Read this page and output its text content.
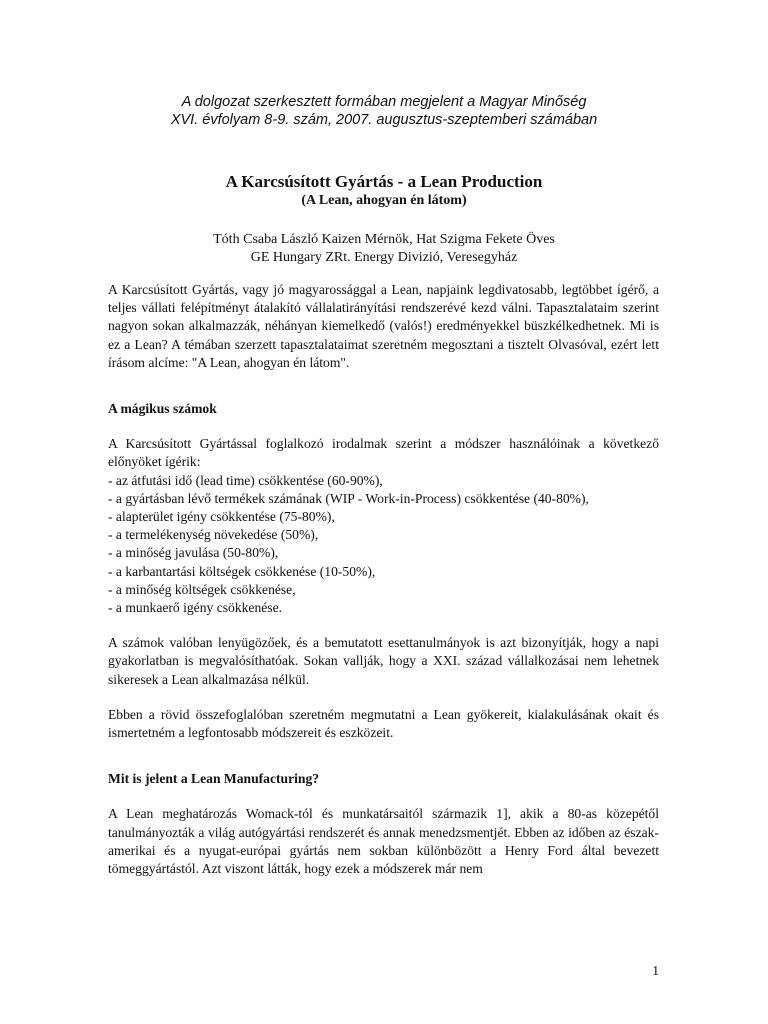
A dolgozat szerkesztett formában megjelent a Magyar Minőség
XVI. évfolyam 8-9. szám, 2007. augusztus-szeptemberi számában
A Karcsúsított Gyártás - a Lean Production
(A Lean, ahogyan én látom)
Tóth Csaba László Kaizen Mérnök, Hat Szigma Fekete Öves
GE Hungary ZRt. Energy Divizió, Veresegyház

A Karcsúsított Gyártás, vagy jó magyarossággal a Lean, napjaink legdivatosabb, legtöbbet ígérő, a teljes vállati felépítményt átalakító vállalatirányítási rendszerévé kezd válni. Tapasztalataim szerint nagyon sokan alkalmazzák, néhányan kiemelkedő (valós!) eredményekkel büszkélkedhetnek. Mi is ez a Lean? A témában szerzett tapasztalataimat szeretném megosztani a tisztelt Olvasóval, ezért lett írásom alcíme: "A Lean, ahogyan én látom".

A mágikus számok

A Karcsúsított Gyártással foglalkozó irodalmak szerint a módszer használóinak a következő előnyöket ígérik:

- az átfutási idő (lead time) csökkentése (60-90%),
- a gyártásban lévő termékek számának (WIP - Work-in-Process) csökkentése (40-80%),
- alapterület igény csökkentése (75-80%),
- a termelékenység növekedése (50%),
- a minőség javulása (50-80%),
- a karbantartási költségek csökkenése (10-50%),
- a minőség költségek csökkenése,
- a munkaerő igény csökkenése.

A számok valóban lenyügözőek, és a bemutatott esettanulmányok is azt bizonyítják, hogy a napi gyakorlatban is megvalósíthatóak. Sokan vallják, hogy a XXI. század vállalkozásai nem lehetnek sikeresek a Lean alkalmazása nélkül.

Ebben a rövid összefoglalóban szeretném megmutatni a Lean gyökereit, kialakulásának okait és ismertetném a legfontosabb módszereit és eszközeit.

Mit is jelent a Lean Manufacturing?

A Lean meghatározás Womack-tól és munkatársaitól származik 1], akik a 80-as közepétől tanulmányozták a világ autógyártási rendszerét és annak menedzsmentjét. Ebben az időben az észak-amerikai és a nyugat-európai gyártás nem sokban különbözött a Henry Ford által bevezett tömeggyártástól. Azt viszont látták, hogy ezek a módszerek már nem

1
